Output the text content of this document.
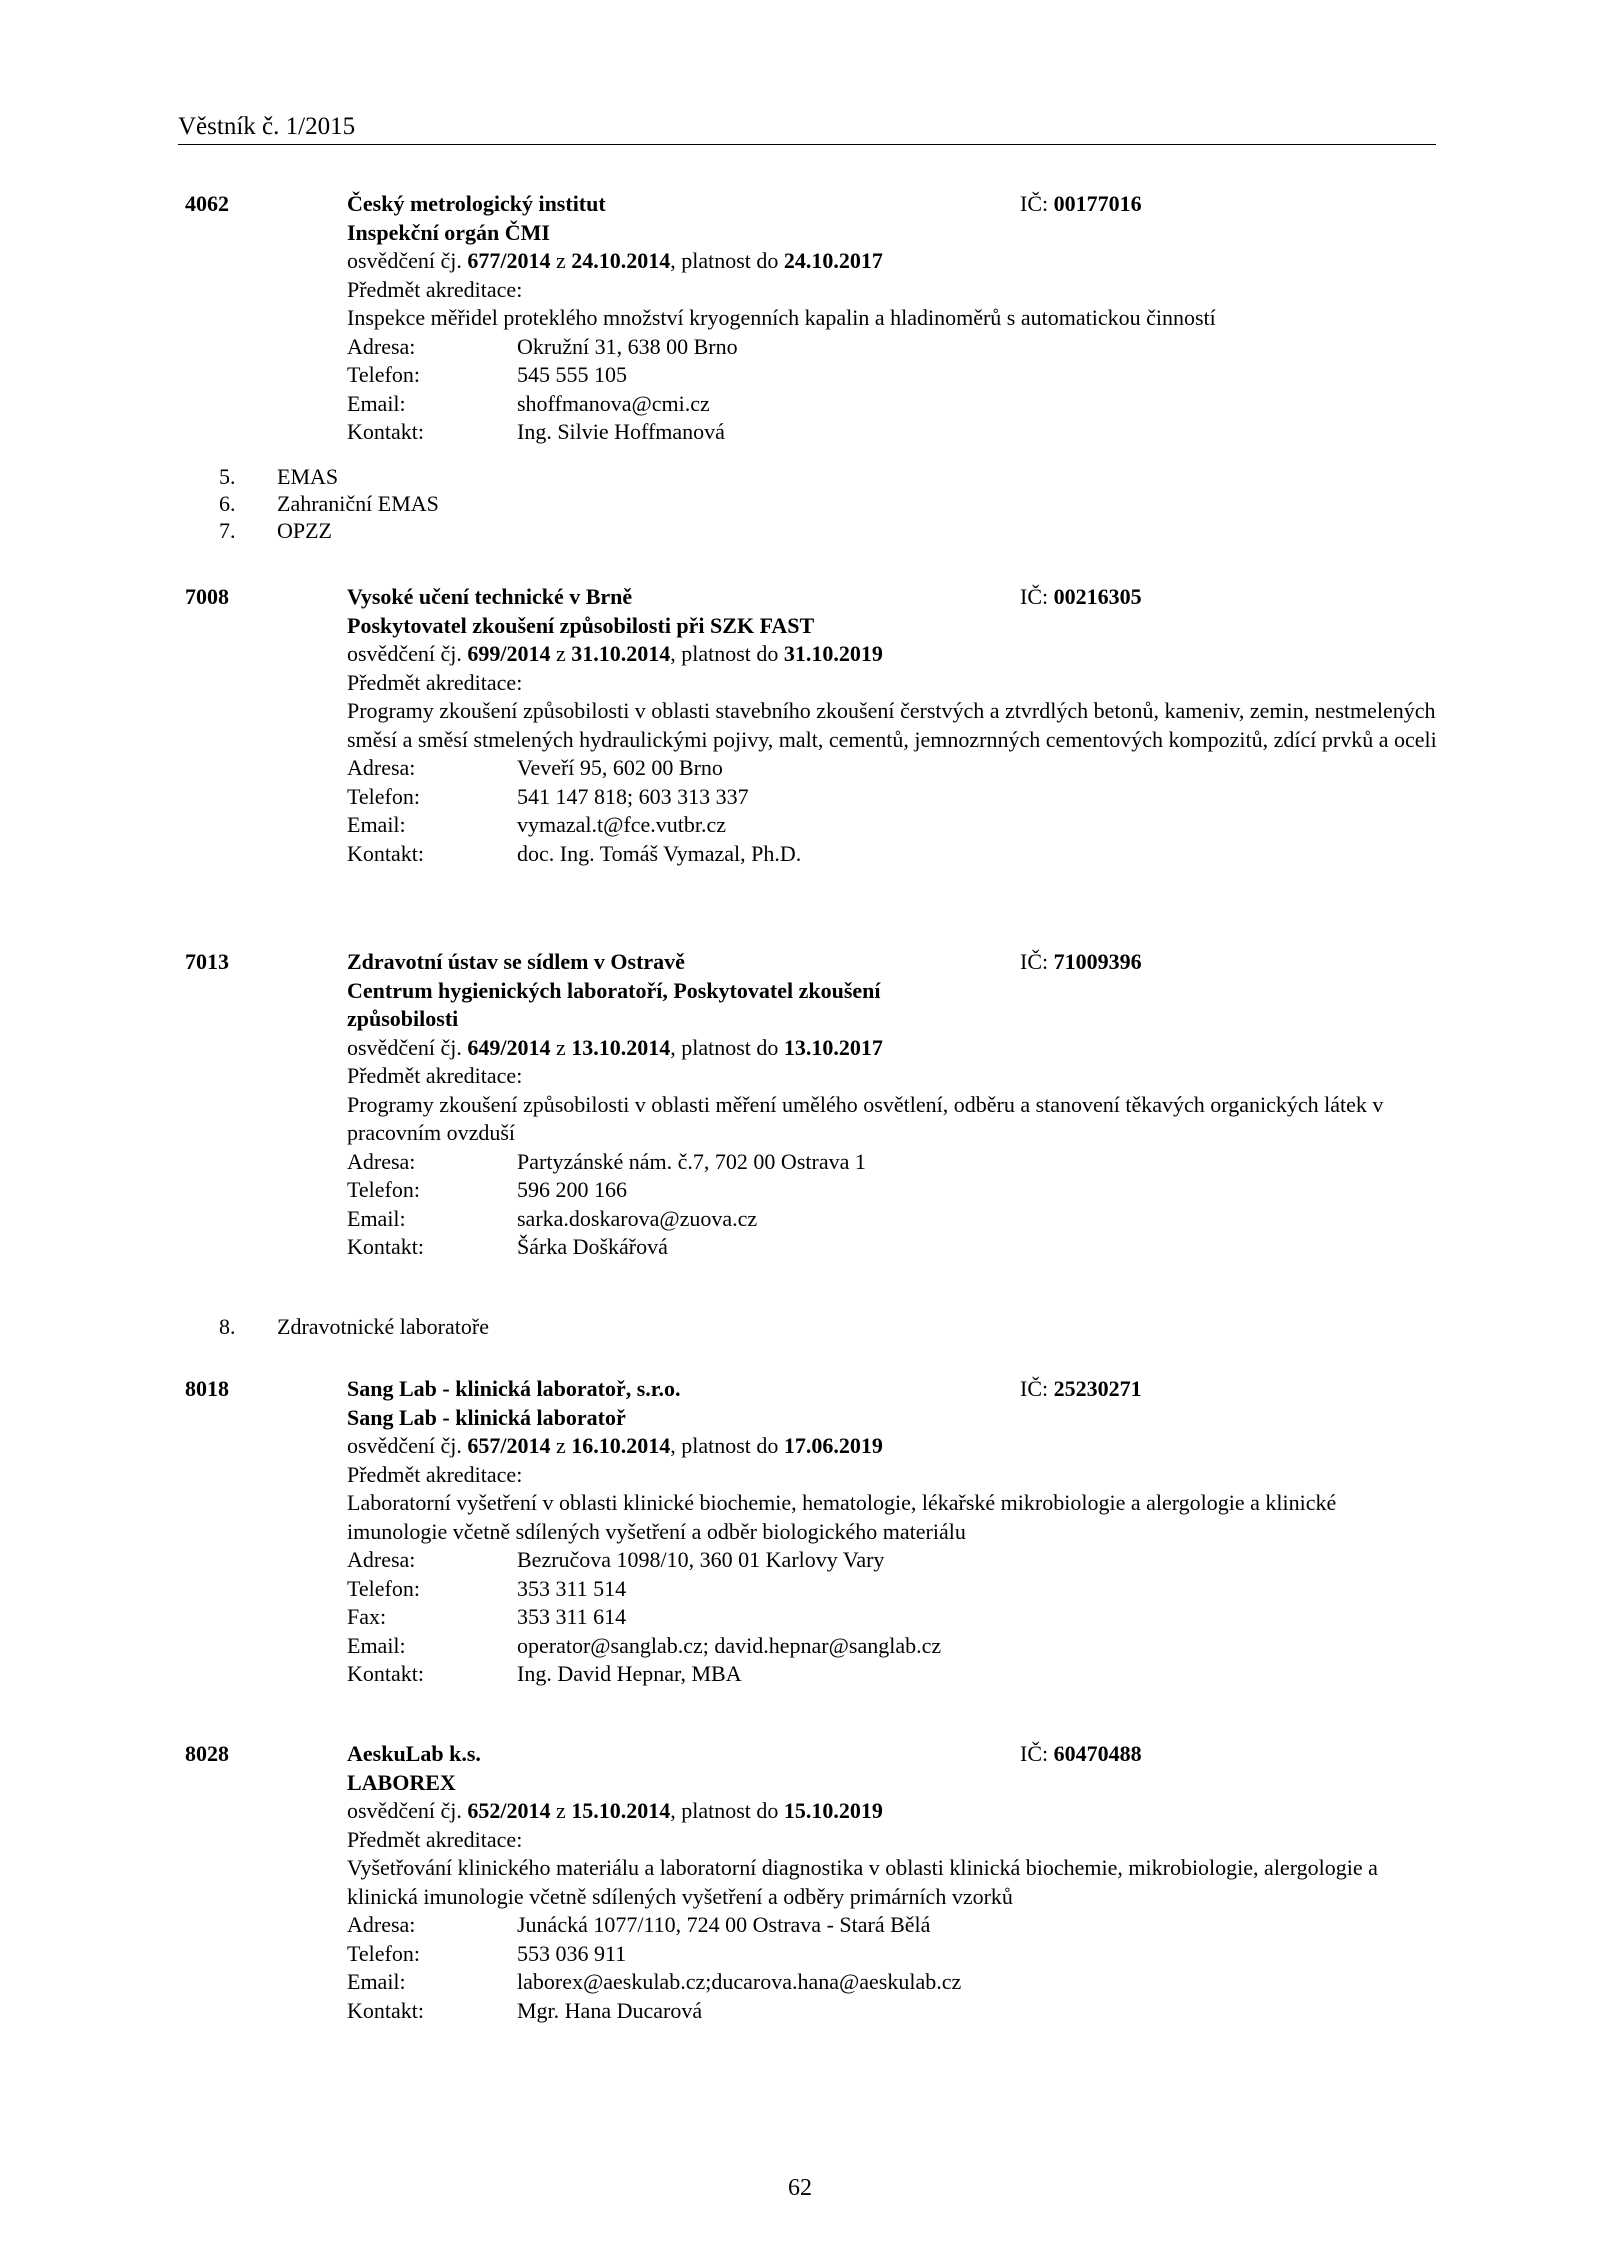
Věstník č. 1/2015
4062	Český metrologický institut	IČ: 00177016
Inspekční orgán ČMI
osvědčení čj. 677/2014 z 24.10.2014, platnost do 24.10.2017
Předmět akreditace:
Inspekce měřidel proteklého množství kryogenních kapalin a hladinoměrů s automatickou činností
Adresa:	Okružní 31, 638 00 Brno
Telefon:	545 555 105
Email:	shoffmanova@cmi.cz
Kontakt:	Ing. Silvie Hoffmanová
5.	EMAS
6.	Zahraniční EMAS
7.	OPZZ
7008	Vysoké učení technické v Brně	IČ: 00216305
Poskytovatel zkoušení způsobilosti při SZK FAST
osvědčení čj. 699/2014 z 31.10.2014, platnost do 31.10.2019
Předmět akreditace:
Programy zkoušení způsobilosti v oblasti stavebního zkoušení čerstvých a ztvrdlých betonů, kameniv, zemin, nestmelených směsí a směsí stmelených hydraulickými pojivy, malt, cementů, jemnozrnných cementových kompozitů, zdící prvků a oceli
Adresa:	Veveří 95, 602 00 Brno
Telefon:	541 147 818; 603 313 337
Email:	vymazal.t@fce.vutbr.cz
Kontakt:	doc. Ing. Tomáš Vymazal, Ph.D.
7013	Zdravotní ústav se sídlem v Ostravě	IČ: 71009396
Centrum hygienických laboratoří, Poskytovatel zkoušení
způsobilosti
osvědčení čj. 649/2014 z 13.10.2014, platnost do 13.10.2017
Předmět akreditace:
Programy zkoušení způsobilosti v oblasti měření umělého osvětlení, odběru a stanovení těkavých organických látek v pracovním ovzduší
Adresa:	Partyzánské nám. č.7, 702 00 Ostrava 1
Telefon:	596 200 166
Email:	sarka.doskarova@zuova.cz
Kontakt:	Šárka Doškářová
8.	Zdravotnické laboratoře
8018	Sang Lab - klinická laboratoř, s.r.o.	IČ: 25230271
Sang Lab - klinická laboratoř
osvědčení čj. 657/2014 z 16.10.2014, platnost do 17.06.2019
Předmět akreditace:
Laboratorní vyšetření v oblasti klinické biochemie, hematologie, lékařské mikrobiologie a alergologie a klinické imunologie včetně sdílených vyšetření a odběr biologického materiálu
Adresa:	Bezručova 1098/10, 360 01 Karlovy Vary
Telefon:	353 311 514
Fax:	353 311 614
Email:	operator@sanglab.cz; david.hepnar@sanglab.cz
Kontakt:	Ing. David Hepnar, MBA
8028	AeskuLab k.s.	IČ: 60470488
LABOREX
osvědčení čj. 652/2014 z 15.10.2014, platnost do 15.10.2019
Předmět akreditace:
Vyšetřování klinického materiálu a laboratorní diagnostika v oblasti klinická biochemie, mikrobiologie, alergologie a klinická imunologie včetně sdílených vyšetření a odběry primárních vzorků
Adresa:	Junácká 1077/110, 724 00 Ostrava - Stará Bělá
Telefon:	553 036 911
Email:	laborex@aeskulab.cz;ducarova.hana@aeskulab.cz
Kontakt:	Mgr. Hana Ducarová
62
